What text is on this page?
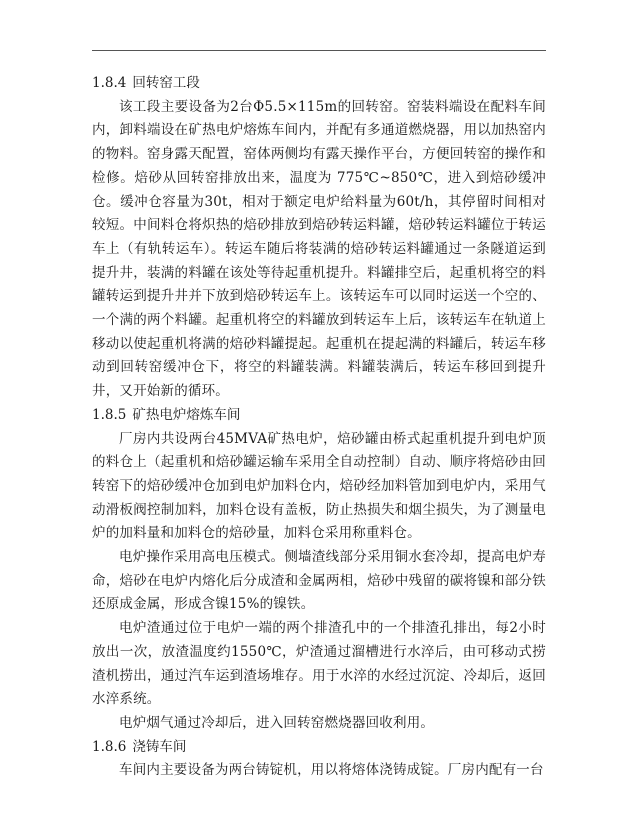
1.8.4 回转窑工段

该工段主要设备为2台Φ5.5×115m的回转窑。窑装料端设在配料车间内，卸料端设在矿热电炉熔炼车间内，并配有多通道燃烧器，用以加热窑内的物料。窑身露天配置，窑体两侧均有露天操作平台，方便回转窑的操作和检修。焙砂从回转窑排放出来，温度为 775℃~850℃，进入到焙砂缓冲仓。缓冲仓容量为30t，相对于额定电炉给料量为60t/h，其停留时间相对较短。中间料仓将炽热的焙砂排放到焙砂转运料罐，焙砂转运料罐位于转运车上（有轨转运车）。转运车随后将装满的焙砂转运料罐通过一条隧道运到提升井，装满的料罐在该处等待起重机提升。料罐排空后，起重机将空的料罐转运到提升井并下放到焙砂转运车上。该转运车可以同时运送一个空的、一个满的两个料罐。起重机将空的料罐放到转运车上后，该转运车在轨道上移动以使起重机将满的焙砂料罐提起。起重机在提起满的料罐后，转运车移动到回转窑缓冲仓下，将空的料罐装满。料罐装满后，转运车移回到提升井，又开始新的循环。

1.8.5 矿热电炉熔炼车间

厂房内共设两台45MVA矿热电炉，焙砂罐由桥式起重机提升到电炉顶的料仓上（起重机和焙砂罐运输车采用全自动控制）自动、顺序将焙砂由回转窑下的焙砂缓冲仓加到电炉加料仓内，焙砂经加料管加到电炉内，采用气动滑板阀控制加料，加料仓设有盖板，防止热损失和烟尘损失，为了测量电炉的加料量和加料仓的焙砂量，加料仓采用称重料仓。

电炉操作采用高电压模式。侧墙渣线部分采用铜水套冷却，提高电炉寿命，焙砂在电炉内熔化后分成渣和金属两相，焙砂中残留的碳将镍和部分铁还原成金属，形成含镍15%的镍铁。

电炉渣通过位于电炉一端的两个排渣孔中的一个排渣孔排出，每2小时放出一次，放渣温度约1550℃，炉渣通过溜槽进行水淬后，由可移动式捞渣机捞出，通过汽车运到渣场堆存。用于水淬的水经过沉淀、冷却后，返回水淬系统。

电炉烟气通过冷却后，进入回转窑燃烧器回收利用。

1.8.6 浇铸车间

车间内主要设备为两台铸锭机，用以将熔体浇铸成锭。厂房内配有一台
